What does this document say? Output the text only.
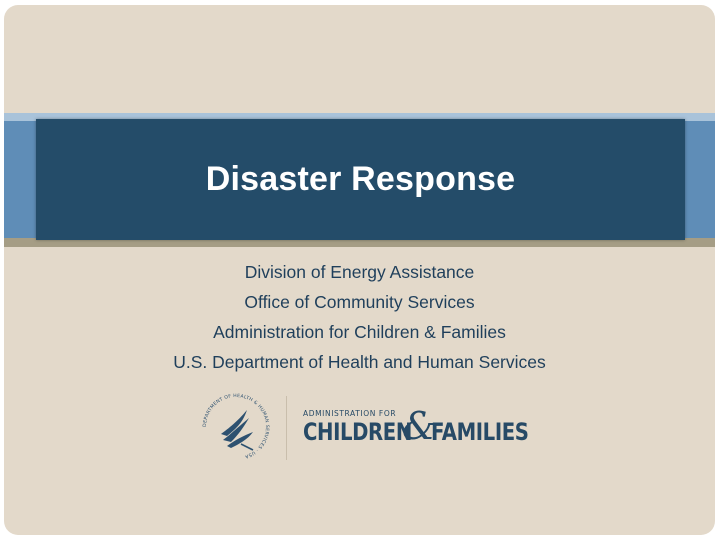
Disaster Response
Division of Energy Assistance
Office of Community Services
Administration for Children & Families
U.S. Department of Health and Human Services
DEPARTMENT OF HEALTH & HUMAN SERVICES · USA
ADMINISTRATION FOR
CHILDREN
&
FAMILIES
